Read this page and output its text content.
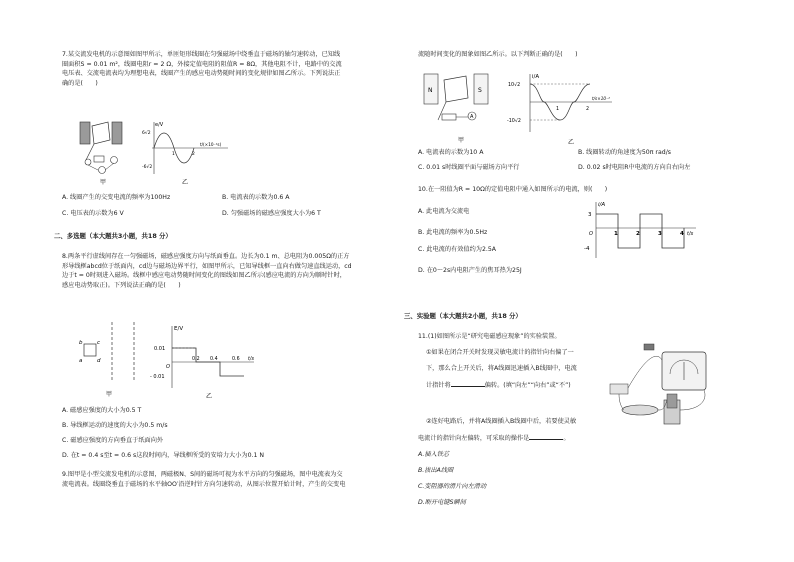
7.某交流发电机的示意图如图甲所示，单匝矩形线圈在匀强磁场中绕垂直于磁场的轴匀速转动，已知线
圈面积S = 0.01 m²，线圈电阻r = 2 Ω，外接定值电阻的阻值R = 8Ω，其他电阻不计，电路中的交流
电压表、交流电流表均为理想电表，线圈产生的感应电动势随时间的变化规律如图乙所示。下列说法正
确的是(　　)
甲
e/V
6√2
-6√2
1	2
t/(×10⁻²s)
乙
A. 线圈产生的交变电流的频率为100Hz	B. 电流表的示数为0.6 A
C. 电压表的示数为6 V	D. 匀强磁场的磁感应强度大小为6 T
二、多选题（本大题共3小题，共18 分）
8.两条平行虚线间存在一匀强磁场，磁感应强度方向与纸面垂直。边长为0.1 m、总电阻为0.005Ω的正方
形导线框abcd位于纸面内，cd边与磁场边界平行，如图甲所示，已知导线框一直向右做匀速直线运动，cd
边于t = 0时刻进入磁场。线框中感应电动势随时间变化的图线如图乙所示(感应电流的方向为顺时针时，
感应电动势取正)。下列说法正确的是(　　)
b
a
c
d
甲
E/V
0.01
- 0.01
O
0.2 0.4	0.6 t/s
乙
A. 磁感应强度的大小为0.5 T
B. 导线框运动的速度的大小为0.5 m/s
C. 磁感应强度的方向垂直于纸面向外
D. 在t = 0.4 s至t = 0.6 s这段时间内，导线框所受的安培力大小为0.1 N
9.图甲是小型交流发电机的示意图，两磁极N、S间的磁场可视为水平方向的匀强磁场，图中电流表为交
流电流表。线圈绕垂直于磁场的水平轴OO′沿逆时针方向匀速转动，从图示位置开始计时，产生的交变电
流随时间变化的图象如图乙所示。以下判断正确的是(　　)
N	S
A
甲
i/A
10√2
-10√2
1	2
t/s×10⁻²
乙
A. 电流表的示数为10 A	B. 线圈转动的角速度为50π rad/s
C. 0.01 s时线圈平面与磁场方向平行	D. 0.02 s时电阻R中电流的方向自右向左
10.在一阻值为R = 10Ω的定值电阻中通入如图所示的电流，则(　　)
A. 此电流为交流电
B. 此电流的频率为0.5Hz
C. 此电流的有效值约为2.5A
D. 在0～2s内电阻产生的焦耳热为25J
i/A
3
-4
O	1	2	3	4 t/s
三、实验题（本大题共2小题，共18 分）
11.(1)如图所示是“研究电磁感应现象”的实验装置。
①如果在闭合开关时发现灵敏电流计的指针向右偏了一
下，那么合上开关后，将A线圈迅速插入B线圈中，电流
计指针将	偏转。(填“向左”“向右”或“不”)
②连好电路后，并将A线圈插入B线圈中后，若要使灵敏
电流计的指针向左偏转，可采取的操作是	。
A.插入铁芯
B.拔出A线圈
C.变阻器的滑片向左滑动
D.断开电键S瞬间
